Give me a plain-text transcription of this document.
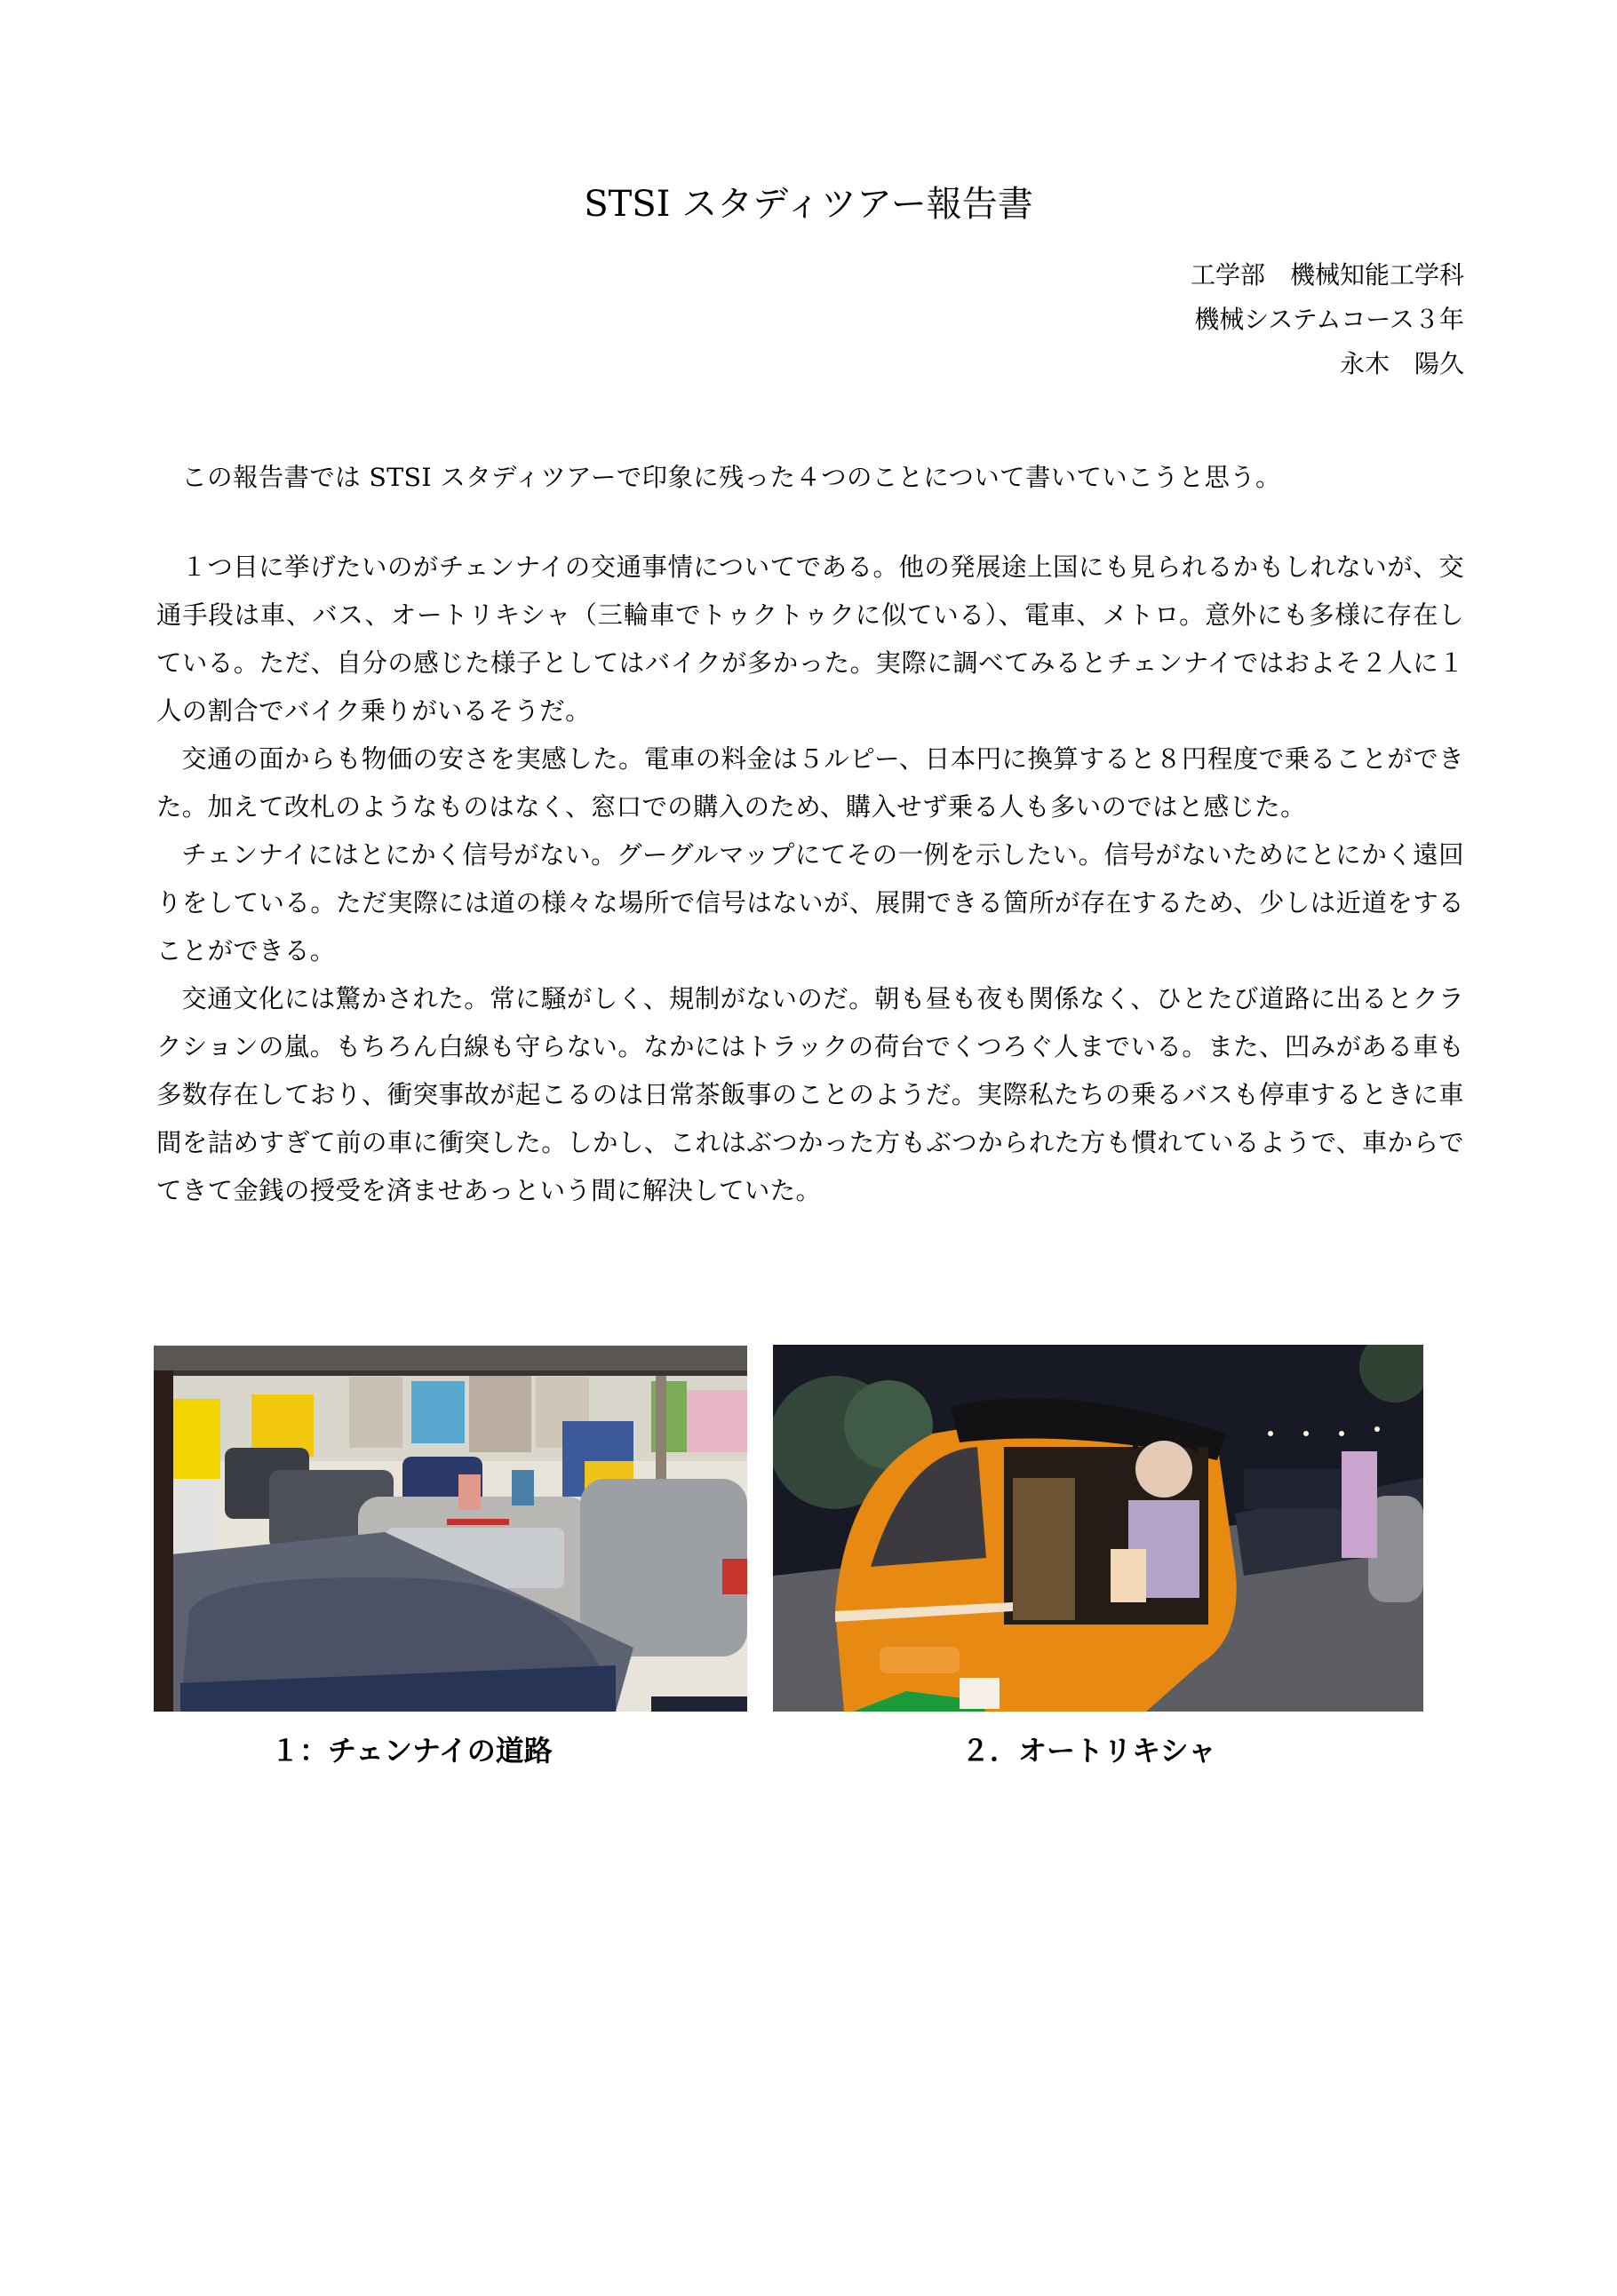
STSI スタディツアー報告書
工学部　機械知能工学科
機械システムコース３年
永木　陽久

この報告書では STSI スタディツアーで印象に残った４つのことについて書いていこうと思う。

１つ目に挙げたいのがチェンナイの交通事情についてである。他の発展途上国にも見られるかもしれないが、交通手段は車、バス、オートリキシャ（三輪車でトゥクトゥクに似ている）、電車、メトロ。意外にも多様に存在している。ただ、自分の感じた様子としてはバイクが多かった。実際に調べてみるとチェンナイではおよそ２人に１人の割合でバイク乗りがいるそうだ。

交通の面からも物価の安さを実感した。電車の料金は５ルピー、日本円に換算すると８円程度で乗ることができた。加えて改札のようなものはなく、窓口での購入のため、購入せず乗る人も多いのではと感じた。

チェンナイにはとにかく信号がない。グーグルマップにてその一例を示したい。信号がないためにとにかく遠回りをしている。ただ実際には道の様々な場所で信号はないが、展開できる箇所が存在するため、少しは近道をすることができる。

交通文化には驚かされた。常に騒がしく、規制がないのだ。朝も昼も夜も関係なく、ひとたび道路に出るとクラクションの嵐。もちろん白線も守らない。なかにはトラックの荷台でくつろぐ人までいる。また、凹みがある車も多数存在しており、衝突事故が起こるのは日常茶飯事のことのようだ。実際私たちの乗るバスも停車するときに車間を詰めすぎて前の車に衝突した。しかし、これはぶつかった方もぶつかられた方も慣れているようで、車からでてきて金銭の授受を済ませあっという間に解決していた。

１：チェンナイの道路	２．オートリキシャ
